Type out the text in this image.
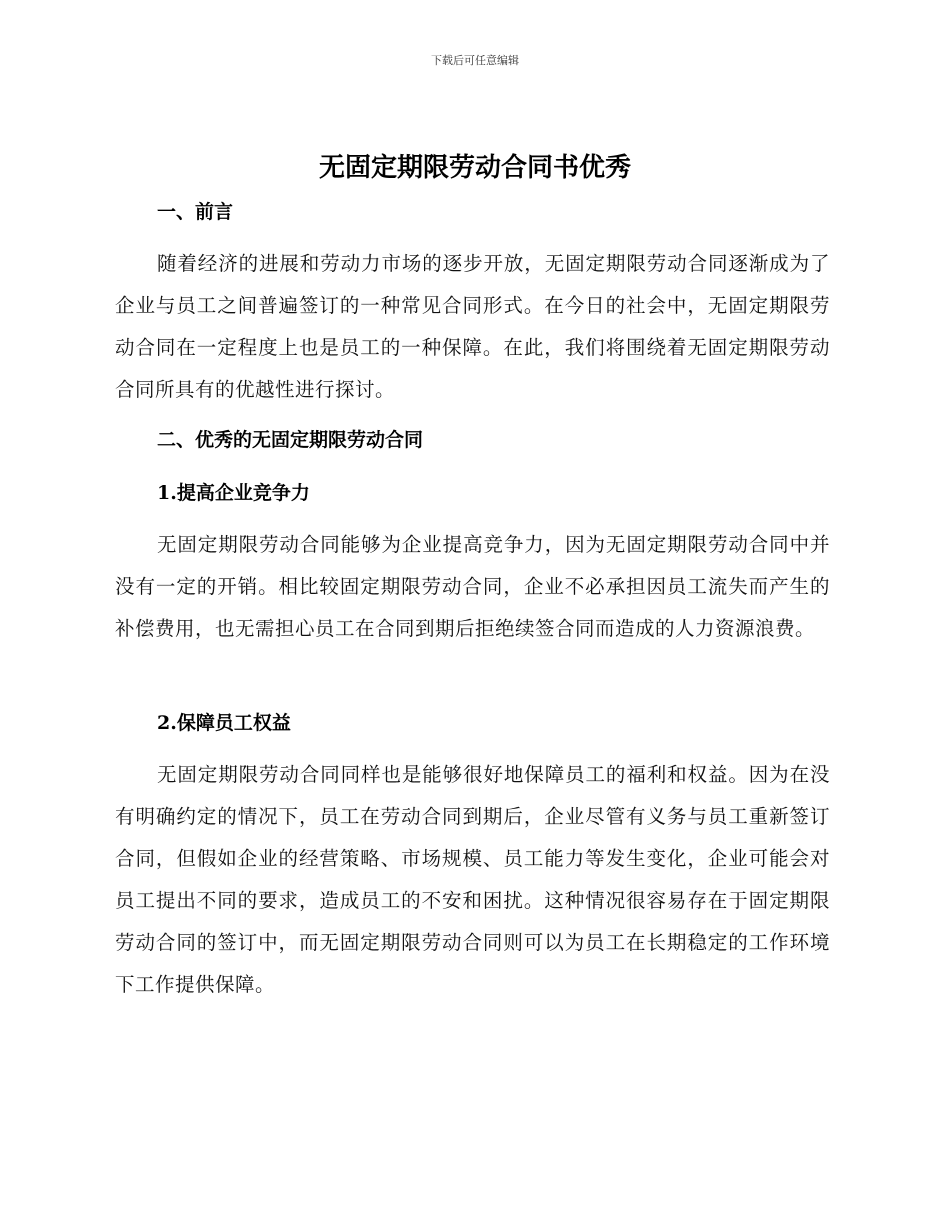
下载后可任意编辑
无固定期限劳动合同书优秀
一、前言

随着经济的进展和劳动力市场的逐步开放，无固定期限劳动合同逐渐成为了企业与员工之间普遍签订的一种常见合同形式。在今日的社会中，无固定期限劳动合同在一定程度上也是员工的一种保障。在此，我们将围绕着无固定期限劳动合同所具有的优越性进行探讨。

二、优秀的无固定期限劳动合同
1.提高企业竞争力

无固定期限劳动合同能够为企业提高竞争力，因为无固定期限劳动合同中并没有一定的开销。相比较固定期限劳动合同，企业不必承担因员工流失而产生的补偿费用，也无需担心员工在合同到期后拒绝续签合同而造成的人力资源浪费。

2.保障员工权益

无固定期限劳动合同同样也是能够很好地保障员工的福利和权益。因为在没有明确约定的情况下，员工在劳动合同到期后，企业尽管有义务与员工重新签订合同，但假如企业的经营策略、市场规模、员工能力等发生变化，企业可能会对员工提出不同的要求，造成员工的不安和困扰。这种情况很容易存在于固定期限劳动合同的签订中，而无固定期限劳动合同则可以为员工在长期稳定的工作环境下工作提供保障。
